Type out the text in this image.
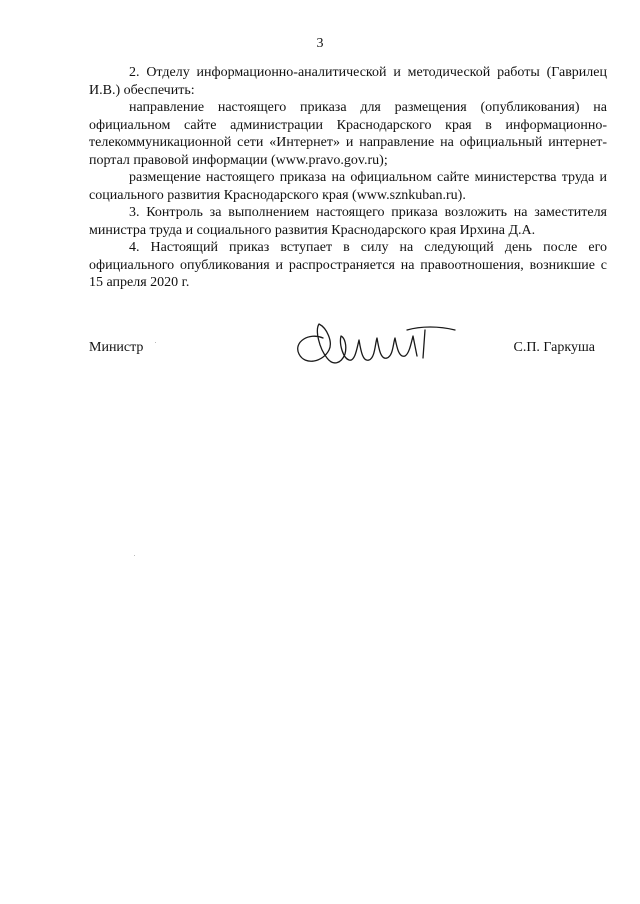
3

2. Отделу информационно-аналитической и методической работы (Гаврилец И.В.) обеспечить:

направление настоящего приказа для размещения (опубликования) на официальном сайте администрации Краснодарского края в информационно-телекоммуникационной сети «Интернет» и направление на официальный интернет-портал правовой информации (www.pravo.gov.ru);

размещение настоящего приказа на официальном сайте министерства труда и социального развития Краснодарского края (www.sznkuban.ru).

3. Контроль за выполнением настоящего приказа возложить на заместителя министра труда и социального развития Краснодарского края Ирхина Д.А.

4. Настоящий приказ вступает в силу на следующий день после его официального опубликования и распространяется на правоотношения, возникшие с 15 апреля 2020 г.

Министр	С.П. Гаркуша
